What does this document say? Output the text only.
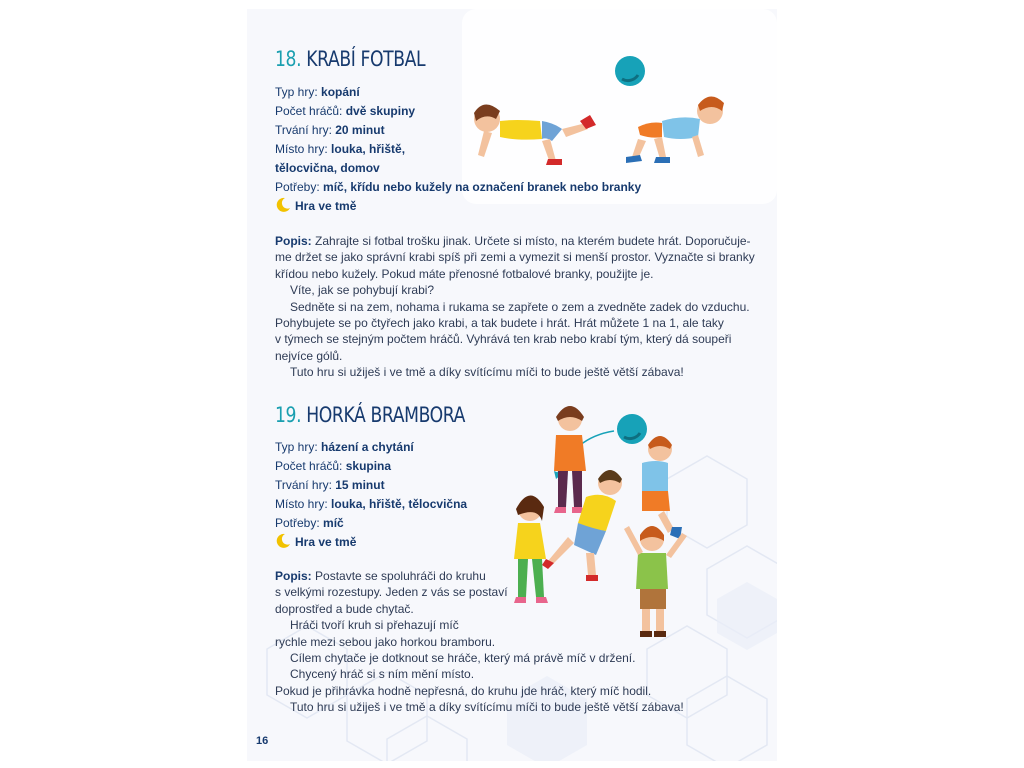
18. KRABÍ FOTBAL
Typ hry: kopání
Počet hráčů: dvě skupiny
Trvání hry: 20 minut
Místo hry: louka, hřiště,
tělocvična, domov
Potřeby: míč, křídu nebo kužely na označení branek nebo branky
Hra ve tmě
Popis: Zahrajte si fotbal trošku jinak. Určete si místo, na kterém budete hrát. Doporučuje-
me držet se jako správní krabi spíš při zemi a vymezit si menší prostor. Vyznačte si branky
křídou nebo kužely. Pokud máte přenosné fotbalové branky, použijte je.
Víte, jak se pohybují krabi?
Sedněte si na zem, nohama i rukama se zapřete o zem a zvedněte zadek do vzduchu.
Pohybujete se po čtyřech jako krabi, a tak budete i hrát. Hrát můžete 1 na 1, ale taky
v týmech se stejným počtem hráčů. Vyhrává ten krab nebo krabí tým, který dá soupeři
nejvíce gólů.
Tuto hru si užiješ i ve tmě a díky svítícímu míči to bude ještě větší zábava!
19. HORKÁ BRAMBORA
Typ hry: házení a chytání
Počet hráčů: skupina
Trvání hry: 15 minut
Místo hry: louka, hřiště, tělocvična
Potřeby: míč
Hra ve tmě
Popis: Postavte se spoluhráči do kruhu
s velkými rozestupy. Jeden z vás se postaví
doprostřed a bude chytač.
Hráči tvoří kruh si přehazují míč
rychle mezi sebou jako horkou bramboru.
Cílem chytače je dotknout se hráče, který má právě míč v držení.
Chycený hráč si s ním mění místo.
Pokud je přihrávka hodně nepřesná, do kruhu jde hráč, který míč hodil.
Tuto hru si užiješ i ve tmě a díky svítícímu míči to bude ještě větší zábava!
16
